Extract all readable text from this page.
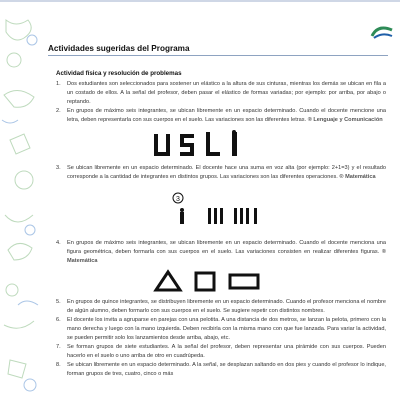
Actividades sugeridas del Programa
Actividad física y resolución de problemas
1. Dos estudiantes son seleccionados para sostener un elástico a la altura de sus cinturas, mientras los demás se ubican en fila a un costado de ellos. A la señal del profesor, deben pasar el elástico de formas variadas; por ejemplo: por arriba, por abajo o reptando.
2. En grupos de máximo seis integrantes, se ubican libremente en un espacio determinado. Cuando el docente mencione una letra, deben representarla con sus cuerpos en el suelo. Las variaciones son las diferentes letras. ® Lenguaje y Comunicación
3. Se ubican libremente en un espacio determinado. El docente hace una suma en voz alta (por ejemplo: 2+1=3) y el resultado corresponde a la cantidad de integrantes en distintos grupos. Las variaciones son las diferentes operaciones. ® Matemática
3
4. En grupos de máximo seis integrantes, se ubican libremente en un espacio determinado. Cuando el docente menciona una figura geométrica, deben formarla con sus cuerpos en el suelo. Las variaciones consisten en realizar diferentes figuras. ® Matemática
5. En grupos de quince integrantes, se distribuyen libremente en un espacio determinado. Cuando el profesor menciona el nombre de algún alumno, deben formarlo con sus cuerpos en el suelo. Se sugiere repetir con distintos nombres.
6. El docente los invita a agruparse en parejas con una pelotita. A una distancia de dos metros, se lanzan la pelota, primero con la mano derecha y luego con la mano izquierda. Deben recibirla con la misma mano con que fue lanzada. Para variar la actividad, se pueden permitir solo los lanzamientos desde arriba, abajo, etc.
7. Se forman grupos de siete estudiantes. A la señal del profesor, deben representar una pirámide con sus cuerpos. Pueden hacerlo en el suelo o uno arriba de otro en cuadrúpeda.
8. Se ubican libremente en un espacio determinado. A la señal, se desplazan saltando en dos pies y cuando el profesor lo indique, forman grupos de tres, cuatro, cinco o más
